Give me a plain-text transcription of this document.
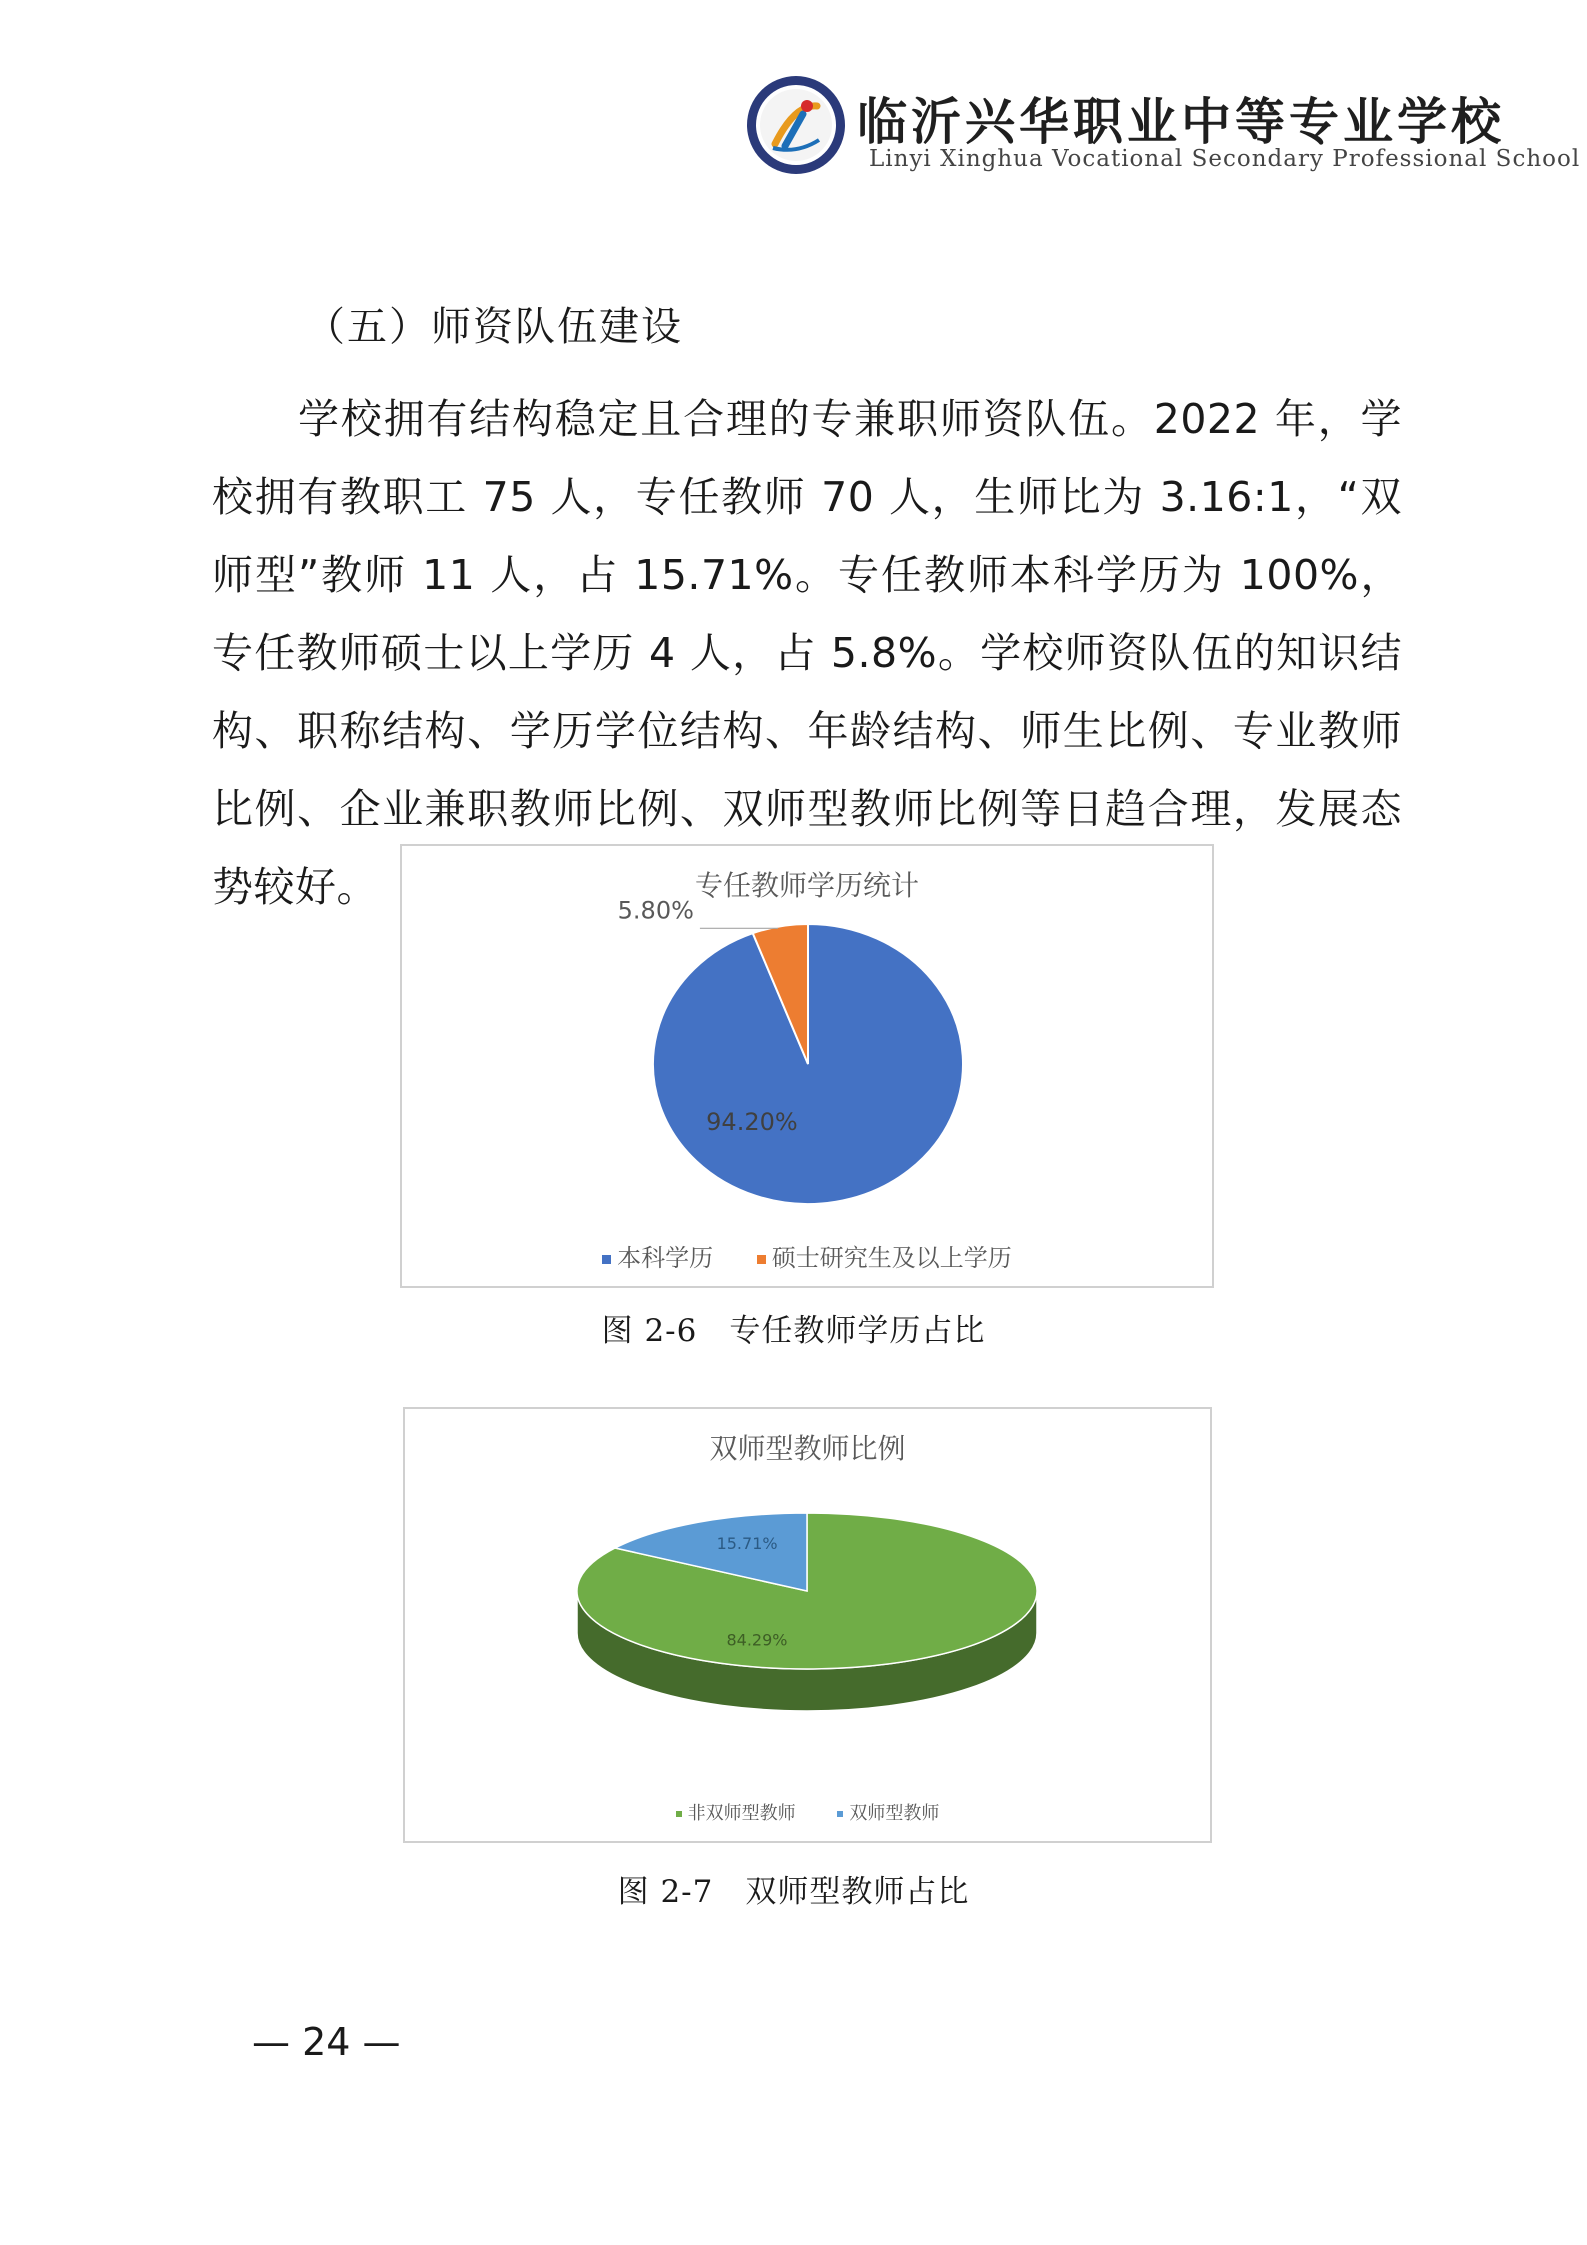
临沂兴华职业中等专业学校
Linyi Xinghua Vocational Secondary Professional School
（五）师资队伍建设
学校拥有结构稳定且合理的专兼职师资队伍。2022 年，学校拥有教职工 75 人，专任教师 70 人，生师比为 3.16:1，“双师型”教师 11 人，占 15.71%。专任教师本科学历为 100%，专任教师硕士以上学历 4 人，占 5.8%。学校师资队伍的知识结构、职称结构、学历学位结构、年龄结构、师生比例、专业教师比例、企业兼职教师比例、双师型教师比例等日趋合理，发展态势较好。	专任教师学历统计
94.20%
5.80%
本科学历 硕士研究生及以上学历
图 2-6　专任教师学历占比
双师型教师比例
84.29%
15.71%
非双师型教师	双师型教师
图 2-7　双师型教师占比
— 24 —
